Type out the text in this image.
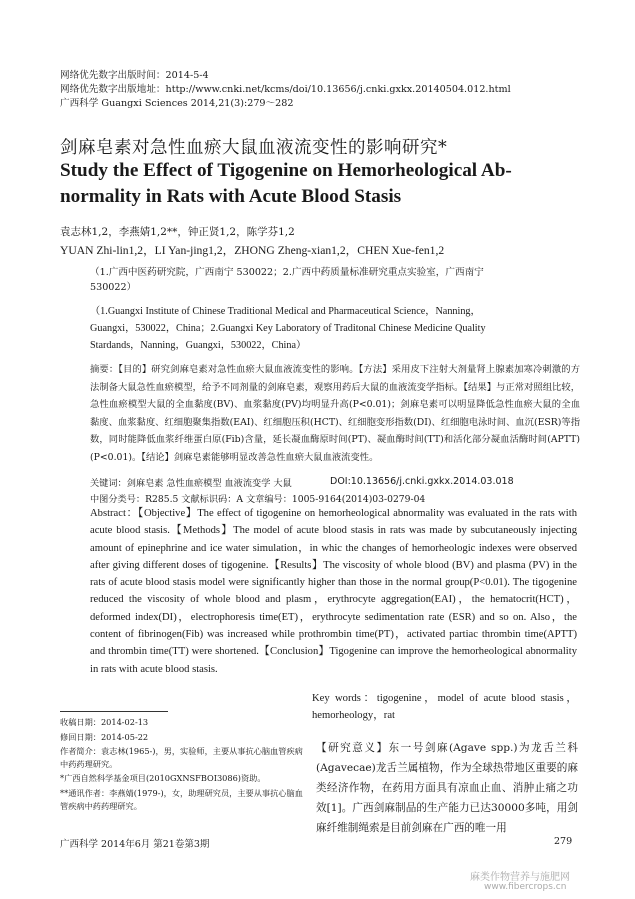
网络优先数字出版时间：2014-5-4
网络优先数字出版地址：http://www.cnki.net/kcms/doi/10.13656/j.cnki.gxkx.20140504.012.html
广西科学 Guangxi Sciences 2014,21(3):279～282
剑麻皂素对急性血瘀大鼠血液流变性的影响研究*
Study the Effect of Tigogenine on Hemorheological Ab-
normality in Rats with Acute Blood Stasis
袁志林1,2，李燕婧1,2**，钟正贤1,2，陈学芬1,2
YUAN Zhi-lin1,2，LI Yan-jing1,2，ZHONG Zheng-xian1,2，CHEN Xue-fen1,2
（1.广西中医药研究院，广西南宁 530022；2.广西中药质量标准研究重点实验室，广西南宁
530022）
（1.Guangxi Institute of Chinese Traditional Medical and Pharmaceutical Science，Nanning，
Guangxi，530022，China；2.Guangxi Key Laboratory of Traditonal Chinese Medicine Quality
Stardands，Nanning，Guangxi，530022，China）
摘要：【目的】研究剑麻皂素对急性血瘀大鼠血液流变性的影响。【方法】采用皮下注射大剂量肾上腺素加寒冷刺激的方法制备大鼠急性血瘀模型，给予不同剂量的剑麻皂素，观察用药后大鼠的血液流变学指标。【结果】与正常对照组比较，急性血瘀模型大鼠的全血黏度(BV)、血浆黏度(PV)均明显升高(P<0.01)；剑麻皂素可以明显降低急性血瘀大鼠的全血黏度、血浆黏度、红细胞聚集指数(EAI)、红细胞压积(HCT)、红细胞变形指数(DI)、红细胞电泳时间、血沉(ESR)等指数，同时能降低血浆纤维蛋白原(Fib)含量，延长凝血酶原时间(PT)、凝血酶时间(TT)和活化部分凝血活酶时间(APTT)(P<0.01)。【结论】剑麻皂素能够明显改善急性血瘀大鼠血液流变性。
关键词：剑麻皂素 急性血瘀模型 血液流变学 大鼠	DOI:10.13656/j.cnki.gxkx.2014.03.018
中图分类号：R285.5 文献标识码：A 文章编号：1005-9164(2014)03-0279-04
Abstract：【Objective】The effect of tigogenine on hemorheological abnormality was evaluated in the rats with acute blood stasis.【Methods】The model of acute blood stasis in rats was made by subcutaneously injecting amount of epinephrine and ice water simulation，in whic the changes of hemorheologic indexes were observed after giving different doses of tigogenine.【Results】The viscosity of whole blood (BV) and plasma (PV) in the rats of acute blood stasis model were significantly higher than those in the normal group(P<0.01). The tigogenine reduced the viscosity of whole blood and plasm，erythrocyte aggregation(EAI)，the hematocrit(HCT)，deformed index(DI)，electrophoresis time(ET)，erythrocyte sedimentation rate (ESR) and so on. Also，the content of fibrinogen(Fib) was increased while prothrombin time(PT)，activated partiac thrombin time(APTT) and thrombin time(TT) were shortened.【Conclusion】Tigogenine can improve the hemorheological abnormality in rats with acute blood stasis.
Key words：tigogenine，model of acute blood stasis，hemorheology，rat
收稿日期：2014-02-13
修回日期：2014-05-22
作者简介：袁志林(1965-)，男，实验师，主要从事抗心脑血管疾病中药药理研究。
*广西自然科学基金项目(2010GXNSFBOI3086)资助。
**通讯作者：李燕婧(1979-)，女，助理研究员，主要从事抗心脑血管疾病中药药理研究。
【研究意义】东一号剑麻(Agave spp.)为龙舌兰科(Agavecae)龙舌兰属植物，作为全球热带地区重要的麻类经济作物，在药用方面具有凉血止血、消肿止痛之功效[1]。广西剑麻制品的生产能力已达30000多吨，用剑麻纤维制绳索是目前剑麻在广西的唯一用
广西科学 2014年6月 第21卷第3期	279
麻类作物营养与施肥网
www.fibercrops.cn
